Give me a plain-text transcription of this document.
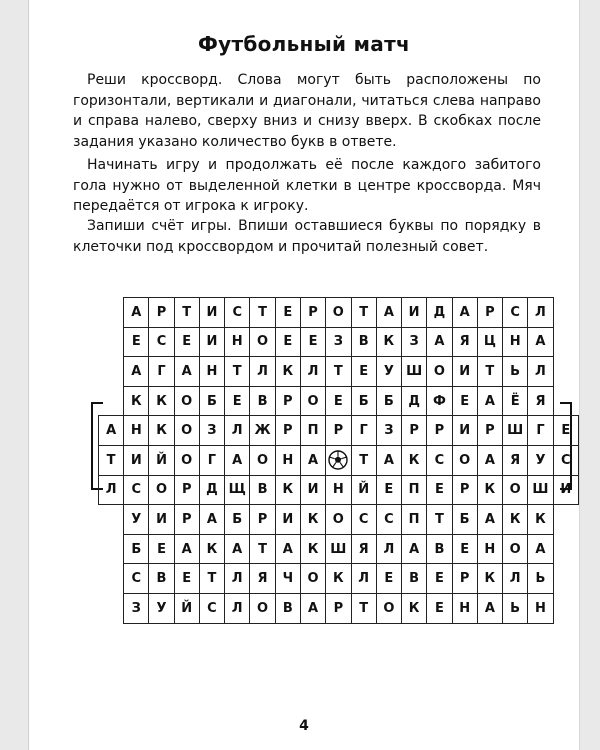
Футбольный матч

Реши кроссворд. Слова могут быть расположены по горизонтали, вертикали и диагонали, читаться слева направо и справа налево, сверху вниз и снизу вверх. В скобках после задания указано количество букв в ответе.

Начинать игру и продолжать её после каждого забитого гола нужно от выделенной клетки в центре кроссворда. Мяч передаётся от игрока к игроку.

Запиши счёт игры. Впиши оставшиеся буквы по порядку в клеточки под кроссвордом и прочитай полезный совет.

	А	Р	Т	И	С	Т	Е	Р	О	Т	А	И	Д	А	Р	С	Л	
	Е	С	Е	И	Н	О	Е	Е	З	В	К	З	А	Я	Ц	Н	А	
	А	Г	А	Н	Т	Л	К	Л	Т	Е	У	Ш	О	И	Т	Ь	Л	
	К	К	О	Б	Е	В	Р	О	Е	Б	Б	Д	Ф	Е	А	Ё	Я	
А	Н	К	О	З	Л	Ж	Р	П	Р	Г	З	Р	Р	И	Р	Ш	Г	Е
Т	И	Й	О	Г	А	О	Н	А		Т	А	К	С	О	А	Я	У	С
Л	С	О	Р	Д	Щ	В	К	И	Н	Й	Е	П	Е	Р	К	О	Ш	И
	У	И	Р	А	Б	Р	И	К	О	С	С	П	Т	Б	А	К	К	
	Б	Е	А	К	А	Т	А	К	Ш	Я	Л	А	В	Е	Н	О	А	
	С	В	Е	Т	Л	Я	Ч	О	К	Л	Е	В	Е	Р	К	Л	Ь	
	З	У	Й	С	Л	О	В	А	Р	Т	О	К	Е	Н	А	Ь	Н	
4
